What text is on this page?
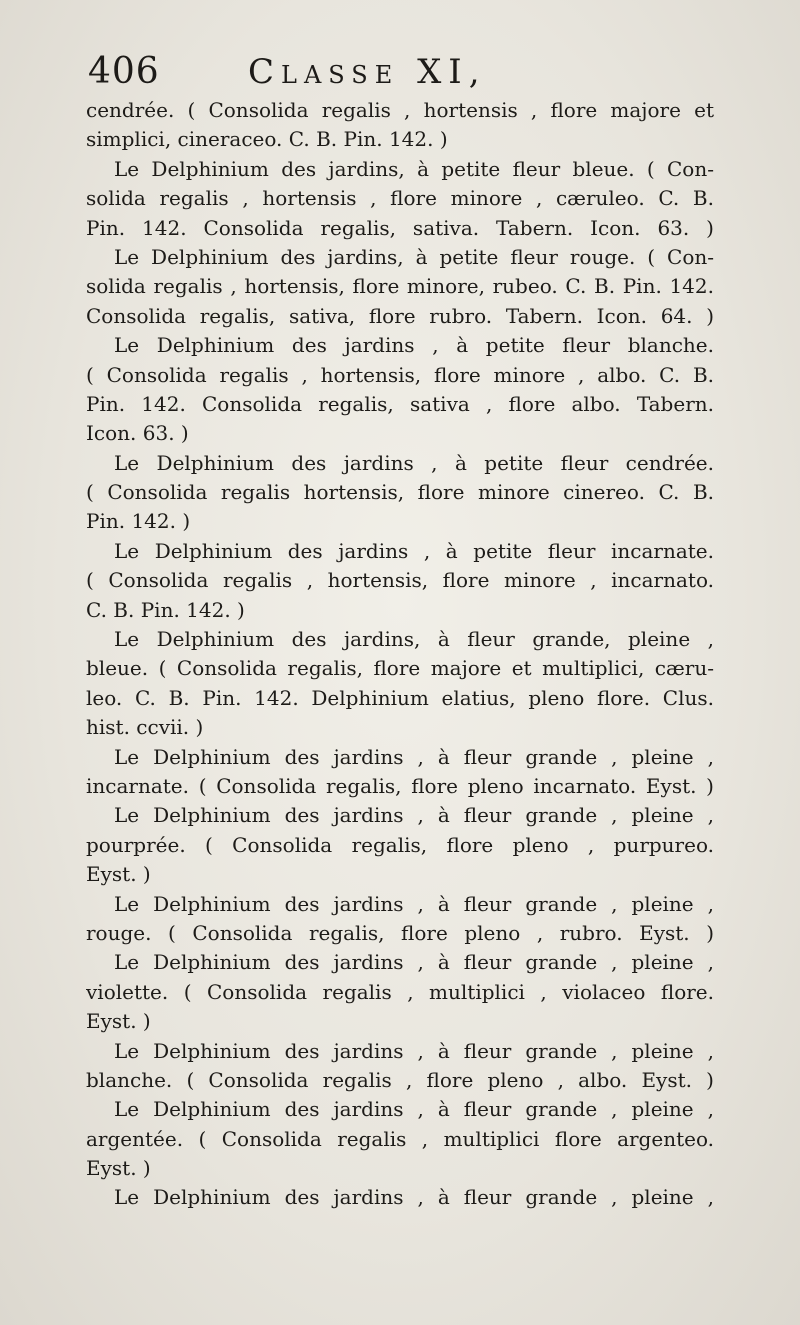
406	Classe XI,
cendrée. ( Consolida regalis , hortensis , flore majore et
simplici, cineraceo. C. B. Pin. 142. )
Le Delphinium des jardins, à petite fleur bleue. ( Con-
solida regalis , hortensis , flore minore , cæruleo. C. B.
Pin. 142. Consolida regalis, sativa. Tabern. Icon. 63. )
Le Delphinium des jardins, à petite fleur rouge. ( Con-
solida regalis , hortensis, flore minore, rubeo. C. B. Pin. 142.
Consolida regalis, sativa, flore rubro. Tabern. Icon. 64. )
Le Delphinium des jardins , à petite fleur blanche.
( Consolida regalis , hortensis, flore minore , albo. C. B.
Pin. 142. Consolida regalis, sativa , flore albo. Tabern.
Icon. 63. )
Le Delphinium des jardins , à petite fleur cendrée.
( Consolida regalis hortensis, flore minore cinereo. C. B.
Pin. 142. )
Le Delphinium des jardins , à petite fleur incarnate.
( Consolida regalis , hortensis, flore minore , incarnato.
C. B. Pin. 142. )
Le Delphinium des jardins, à fleur grande, pleine ,
bleue. ( Consolida regalis, flore majore et multiplici, cæru-
leo. C. B. Pin. 142. Delphinium elatius, pleno flore. Clus.
hist. ccvii. )
Le Delphinium des jardins , à fleur grande , pleine ,
incarnate. ( Consolida regalis, flore pleno incarnato. Eyst. )
Le Delphinium des jardins , à fleur grande , pleine ,
pourprée. ( Consolida regalis, flore pleno , purpureo.
Eyst. )
Le Delphinium des jardins , à fleur grande , pleine ,
rouge. ( Consolida regalis, flore pleno , rubro. Eyst. )
Le Delphinium des jardins , à fleur grande , pleine ,
violette. ( Consolida regalis , multiplici , violaceo flore.
Eyst. )
Le Delphinium des jardins , à fleur grande , pleine ,
blanche. ( Consolida regalis , flore pleno , albo. Eyst. )
Le Delphinium des jardins , à fleur grande , pleine ,
argentée. ( Consolida regalis , multiplici flore argenteo.
Eyst. )
Le Delphinium des jardins , à fleur grande , pleine ,
